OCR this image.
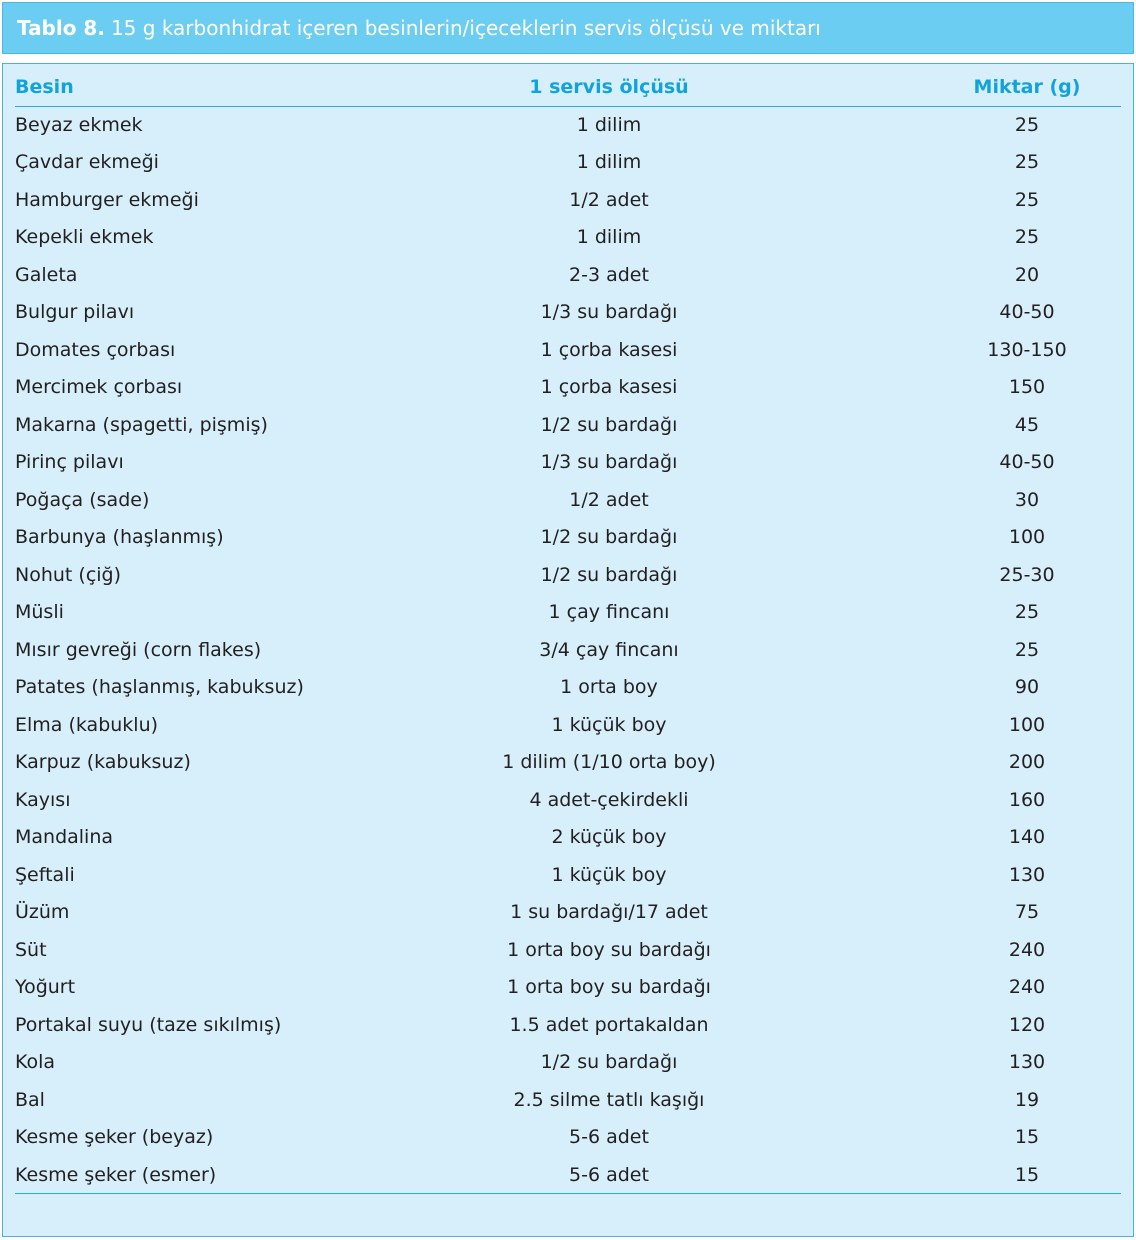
Tablo 8. 15 g karbonhidrat içeren besinlerin/içeceklerin servis ölçüsü ve miktarı
Besin	1 servis ölçüsü	Miktar (g)
Beyaz ekmek	1 dilim	25
Çavdar ekmeği	1 dilim	25
Hamburger ekmeği	1/2 adet	25
Kepekli ekmek	1 dilim	25
Galeta	2-3 adet	20
Bulgur pilavı	1/3 su bardağı	40-50
Domates çorbası	1 çorba kasesi	130-150
Mercimek çorbası	1 çorba kasesi	150
Makarna (spagetti, pişmiş)	1/2 su bardağı	45
Pirinç pilavı	1/3 su bardağı	40-50
Poğaça (sade)	1/2 adet	30
Barbunya (haşlanmış)	1/2 su bardağı	100
Nohut (çiğ)	1/2 su bardağı	25-30
Müsli	1 çay fincanı	25
Mısır gevreği (corn flakes)	3/4 çay fincanı	25
Patates (haşlanmış, kabuksuz)	1 orta boy	90
Elma (kabuklu)	1 küçük boy	100
Karpuz (kabuksuz)	1 dilim (1/10 orta boy)	200
Kayısı	4 adet-çekirdekli	160
Mandalina	2 küçük boy	140
Şeftali	1 küçük boy	130
Üzüm	1 su bardağı/17 adet	75
Süt	1 orta boy su bardağı	240
Yoğurt	1 orta boy su bardağı	240
Portakal suyu (taze sıkılmış)	1.5 adet portakaldan	120
Kola	1/2 su bardağı	130
Bal	2.5 silme tatlı kaşığı	19
Kesme şeker (beyaz)	5-6 adet	15
Kesme şeker (esmer)	5-6 adet	15
